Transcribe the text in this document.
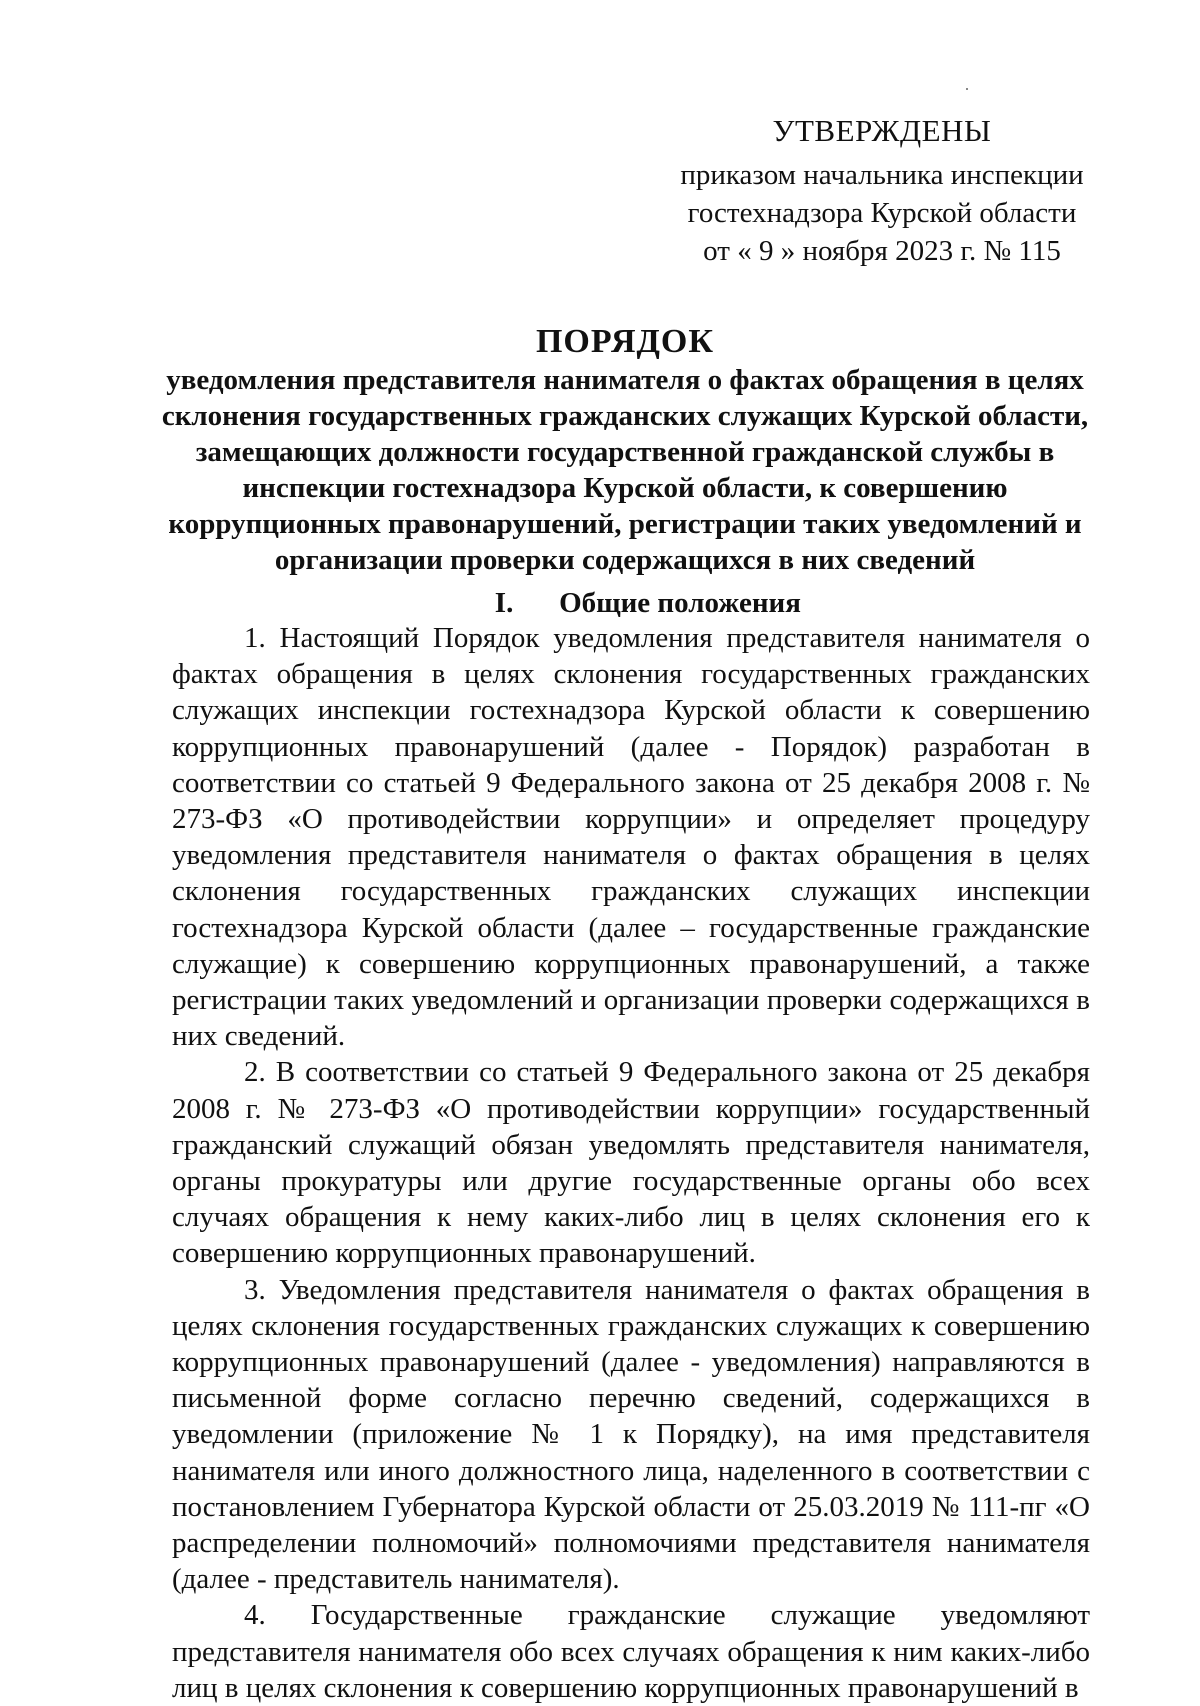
УТВЕРЖДЕНЫ
приказом начальника инспекции
гостехнадзора Курской области
от « 9 » ноября 2023 г. № 115
ПОРЯДОК
уведомления представителя нанимателя о фактах обращения в целях склонения государственных гражданских служащих Курской области, замещающих должности государственной гражданской службы в инспекции гостехнадзора Курской области, к совершению коррупционных правонарушений, регистрации таких уведомлений и организации проверки содержащихся в них сведений
I. Общие положения

1. Настоящий Порядок уведомления представителя нанимателя о фактах обращения в целях склонения государственных гражданских служащих инспекции гостехнадзора Курской области к совершению коррупционных правонарушений (далее - Порядок) разработан в соответствии со статьей 9 Федерального закона от 25 декабря 2008 г. № 273-ФЗ «О противодействии коррупции» и определяет процедуру уведомления представителя нанимателя о фактах обращения в целях склонения государственных гражданских служащих инспекции гостехнадзора Курской области (далее – государственные гражданские служащие) к совершению коррупционных правонарушений, а также регистрации таких уведомлений и организации проверки содержащихся в них сведений.

2. В соответствии со статьей 9 Федерального закона от 25 декабря 2008 г. № 273-ФЗ «О противодействии коррупции» государственный гражданский служащий обязан уведомлять представителя нанимателя, органы прокуратуры или другие государственные органы обо всех случаях обращения к нему каких-либо лиц в целях склонения его к совершению коррупционных правонарушений.

3. Уведомления представителя нанимателя о фактах обращения в целях склонения государственных гражданских служащих к совершению коррупционных правонарушений (далее - уведомления) направляются в письменной форме согласно перечню сведений, содержащихся в уведомлении (приложение № 1 к Порядку), на имя представителя нанимателя или иного должностного лица, наделенного в соответствии с постановлением Губернатора Курской области от 25.03.2019 № 111-пг «О распределении полномочий» полномочиями представителя нанимателя (далее - представитель нанимателя).

4. Государственные гражданские служащие уведомляют представителя нанимателя обо всех случаях обращения к ним каких-либо лиц в целях склонения к совершению коррупционных правонарушений в
